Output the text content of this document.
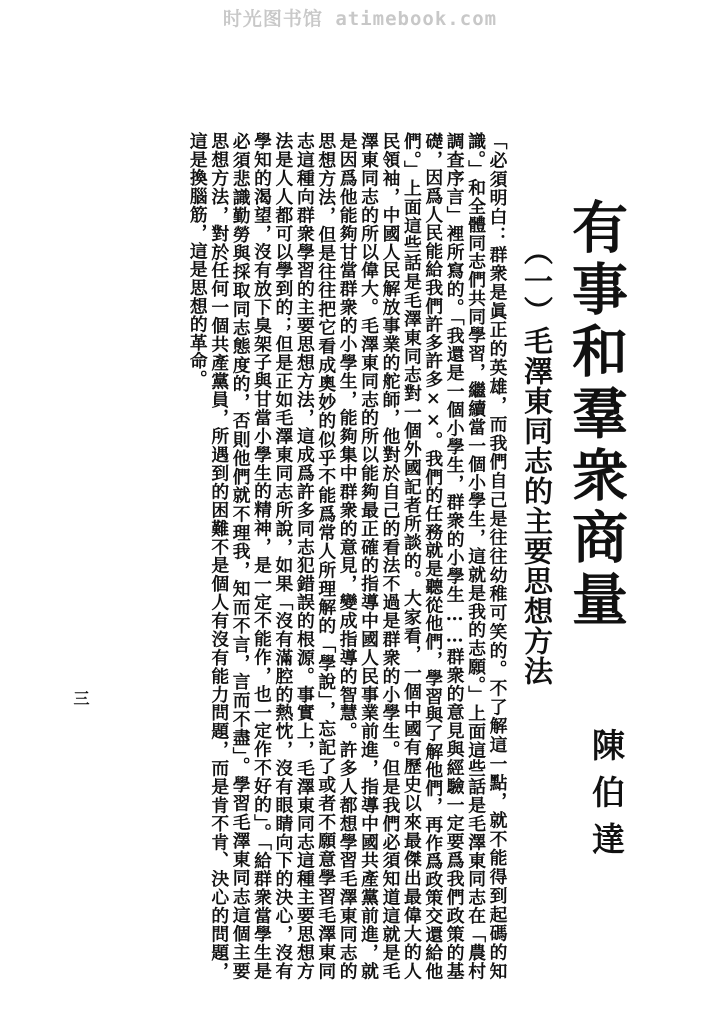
时光图书馆 atimebook.com
有事和羣衆商量
陳伯達
（一）毛澤東同志的主要思想方法

「必須明白：群衆是眞正的英雄，而我們自己是往往幼稚可笑的。不了解這一點，就不能得到起碼的知識。」和全體同志們共同學習，繼續當一個小學生，這就是我的志願。」上面這些話是毛澤東同志在「農村調查序言」裡所寫的。「我還是一個小學生，群衆的小學生……群衆的意見與經驗一定要爲我們政策的基礎，因爲人民能給我們許多許多××。我們的任務就是聽從他們，學習與了解他們，再作爲政策交還給他們。」上面這些話是毛澤東同志對一個外國記者所談的。大家看，一個中國有歷史以來最傑出最偉大的人民領袖，中國人民解放事業的舵師，他對於自己的看法不過是群衆的小學生。但是我們必須知道這就是毛澤東同志的所以偉大。毛澤東同志的所以能夠最正確的指導中國人民事業前進，指導中國共產黨前進，就是因爲他能夠甘當群衆的小學生，能夠集中群衆的意見，變成指導的智慧。許多人都想學習毛澤東同志的思想方法，但是往往把它看成奧妙的似乎不能爲常人所理解的「學說」，忘記了或者不願意學習毛澤東同志這種向群衆學習的主要思想方法，這成爲許多同志犯錯誤的根源。事實上，毛澤東同志這種主要思想方法是人人都可以學到的；但是正如毛澤東同志所說，如果「沒有滿腔的熱忱，沒有眼睛向下的決心，沒有學知的渴望，沒有放下臭架子與甘當小學生的精神，是一定不能作，也一定作不好的」。「給群衆當學生是必須悲識勤勞與採取同志態度的，否則他們就不理我，知而不言，言而不盡」。學習毛澤東同志這個主要思想方法，對於任何一個共產黨員，所遇到的困難不是個人有沒有能力問題，而是肯不肯、決心的問題，這是換腦筋，這是思想的革命。

三
